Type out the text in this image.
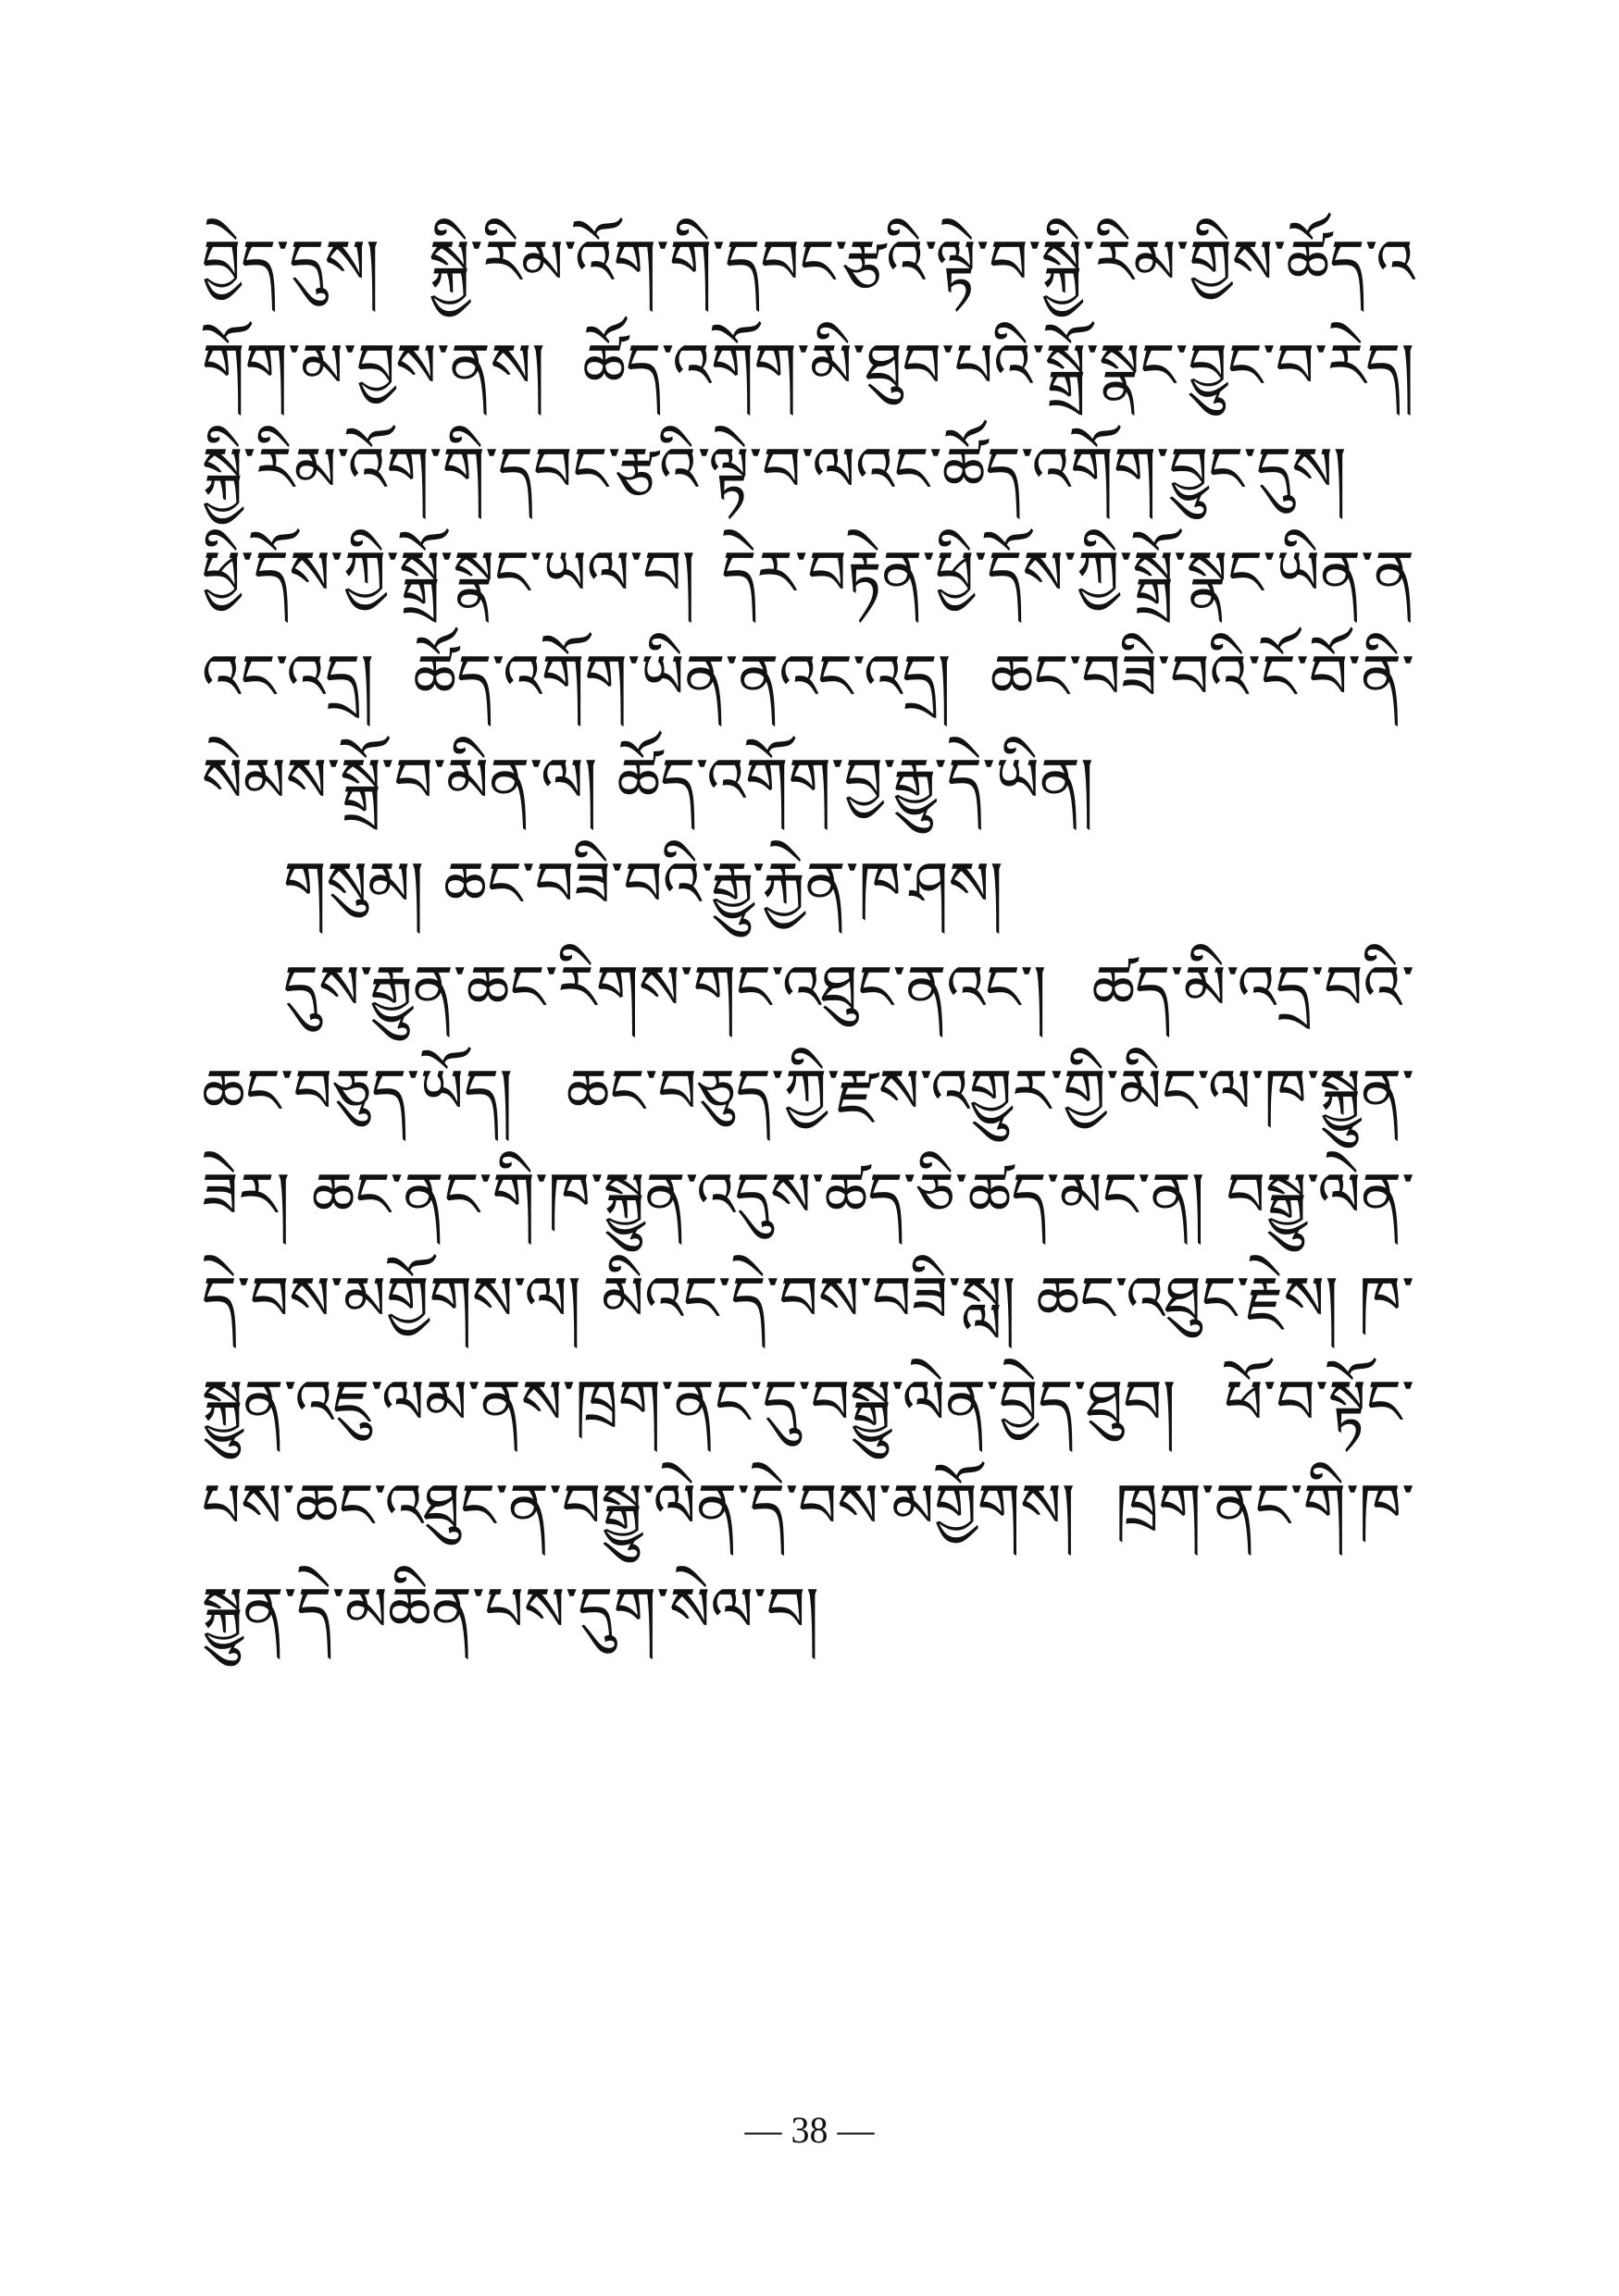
བྱེད་དུས། སྐྱི་རིམ་འོག་གི་དབང་རྩའི་ལྟེ་བ་སྐྱི་རིམ་གྱིས་ཚོད་འགོག་མ་བྱས་ནས། ཚོད་འགོག་མི་ཐུབ་པའི་སྒྲོ་སྣང་བྱུང་བ་རེད། སྐྱི་རིམ་འོག་གི་དབང་རྩའི་ལྟེ་བ་ལའང་ཚོད་འགོག་བྱུང་དུས། ཕྱི་དོས་ཀྱི་སྒྲོ་སྣང་ཡལ་བ། དེར་བརྟེན་ཕྱི་དོས་ཀྱི་སྒྲོ་སྣང་ཡིན་ནའང་འདྲ། ཚོད་འགོག་ཡིན་ནའང་འདྲ། ཆང་བཟི་བའི་ངོ་བོ་ནི་སེམས་སྒྲོ་བ་མིན་ལ། ཚོད་འགོག་བྱ་རྒྱུ་དེ་ཡིན།

གསུམ། ཆང་བཟི་བའི་རྒྱུ་རྐྱེན་ཁ་ཤས།

དུས་རྒྱུན་ཆང་རིགས་གང་འཐུང་ནའང་། ཚད་མི་འདྲ་བའི་ཆང་བཅུད་ཡོད། ཆང་བཅུད་ཀྱི་རྫས་འགྱུར་གྱི་མིང་ལ་ཁ་སྐྱུན་ཟེར། ཆང་ནང་གི་ཁ་སྐྱུན་འདུས་ཚད་ཅི་ཚད་མང་ན། བསྒྱུ་ལེན་དེ་བས་མགྱོགས་ལ། མིའང་དེ་བས་བཟི་སླ། ཆང་འཐུང་རྗེས། ཁ་སྐྱུན་འཇུ་ལམ་ནས་ཁྲག་ནང་དུ་བསྒྱུ་ལེན་བྱེད་ཐུབ། ཕོ་བ་སྟོང་པས་ཆང་འཐུང་ན་བསྒྱུ་ལེན་དེ་བས་མགྱོགས། ཁྲག་ནང་གི་ཁ་སྐྱུན་དེ་མཆིན་པས་དུག་སེལ་བ།

— 38 —
